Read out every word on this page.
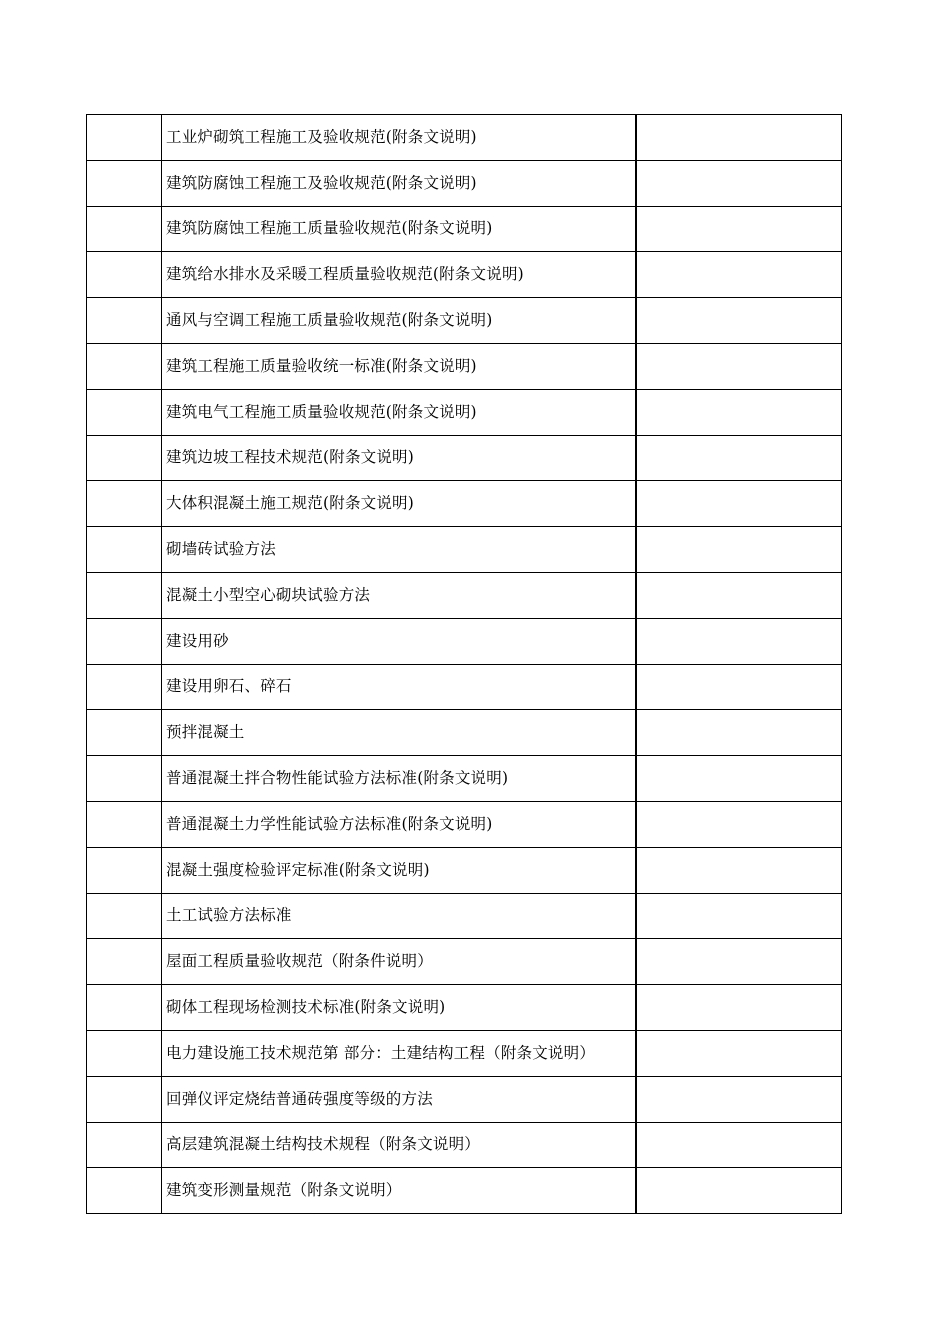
	工业炉砌筑工程施工及验收规范(附条文说明)	
	建筑防腐蚀工程施工及验收规范(附条文说明)	
	建筑防腐蚀工程施工质量验收规范(附条文说明)	
	建筑给水排水及采暖工程质量验收规范(附条文说明)	
	通风与空调工程施工质量验收规范(附条文说明)	
	建筑工程施工质量验收统一标准(附条文说明)	
	建筑电气工程施工质量验收规范(附条文说明)	
	建筑边坡工程技术规范(附条文说明)	
	大体积混凝土施工规范(附条文说明)	
	砌墙砖试验方法	
	混凝土小型空心砌块试验方法	
	建设用砂	
	建设用卵石、碎石	
	预拌混凝土	
	普通混凝土拌合物性能试验方法标准(附条文说明)	
	普通混凝土力学性能试验方法标准(附条文说明)	
	混凝土强度检验评定标准(附条文说明)	
	土工试验方法标准	
	屋面工程质量验收规范（附条件说明）	
	砌体工程现场检测技术标准(附条文说明)	
	电力建设施工技术规范第 部分：土建结构工程（附条文说明）	
	回弹仪评定烧结普通砖强度等级的方法	
	高层建筑混凝土结构技术规程（附条文说明）	
	建筑变形测量规范（附条文说明）	
